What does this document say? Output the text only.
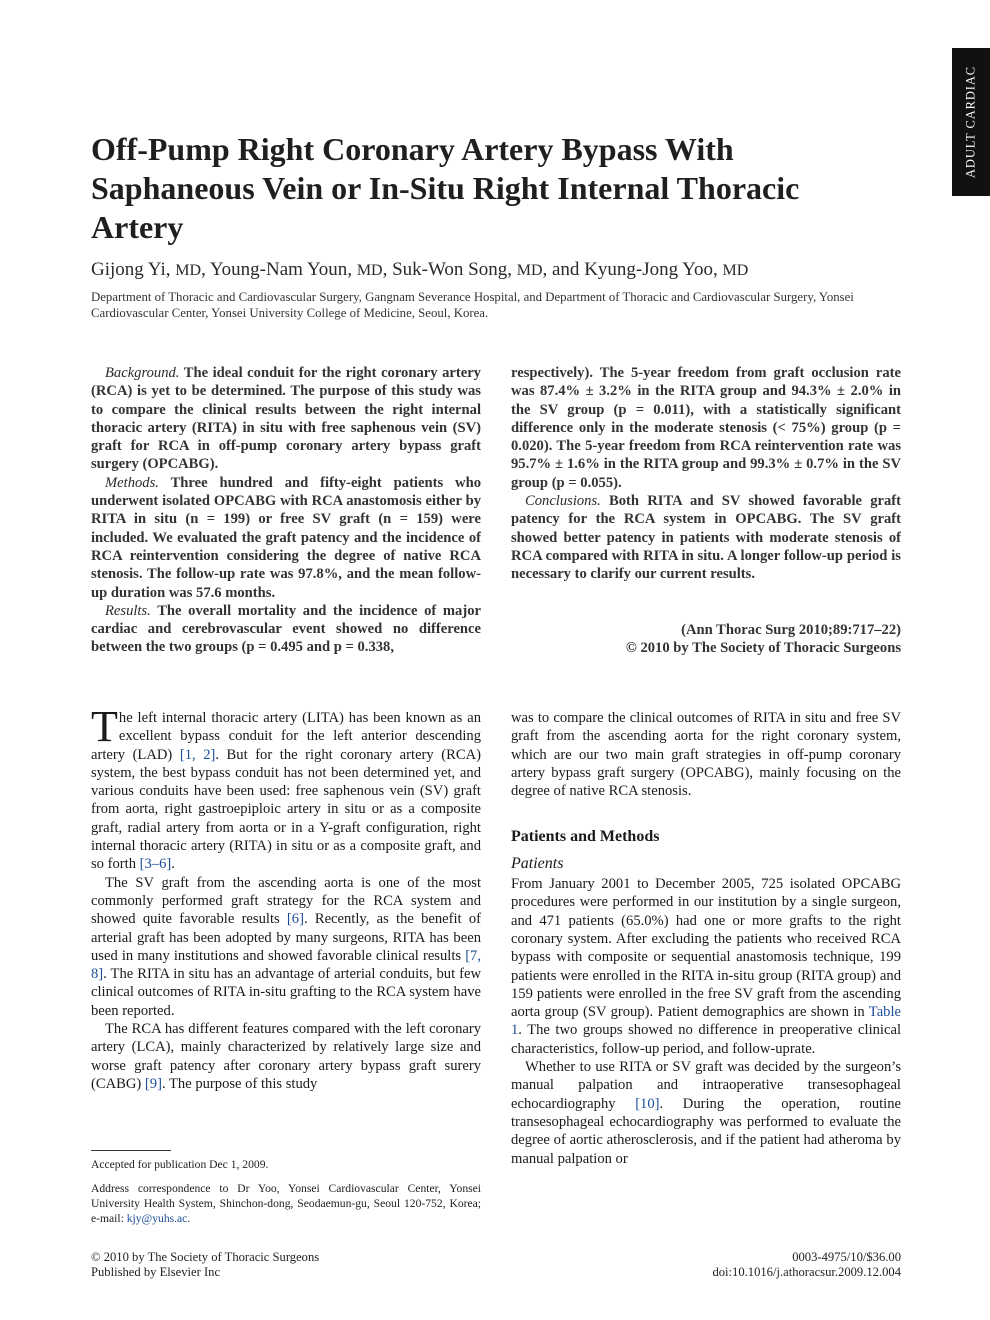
ADULT CARDIAC
Off-Pump Right Coronary Artery Bypass With Saphaneous Vein or In-Situ Right Internal Thoracic Artery
Gijong Yi, MD, Young-Nam Youn, MD, Suk-Won Song, MD, and Kyung-Jong Yoo, MD
Department of Thoracic and Cardiovascular Surgery, Gangnam Severance Hospital, and Department of Thoracic and Cardiovascular Surgery, Yonsei Cardiovascular Center, Yonsei University College of Medicine, Seoul, Korea.

Background. The ideal conduit for the right coronary artery (RCA) is yet to be determined. The purpose of this study was to compare the clinical results between the right internal thoracic artery (RITA) in situ with free saphenous vein (SV) graft for RCA in off-pump coronary artery bypass graft surgery (OPCABG).

Methods. Three hundred and fifty-eight patients who underwent isolated OPCABG with RCA anastomosis either by RITA in situ (n = 199) or free SV graft (n = 159) were included. We evaluated the graft patency and the incidence of RCA reintervention considering the degree of native RCA stenosis. The follow-up rate was 97.8%, and the mean follow-up duration was 57.6 months.

Results. The overall mortality and the incidence of major cardiac and cerebrovascular event showed no difference between the two groups (p = 0.495 and p = 0.338,

respectively). The 5-year freedom from graft occlusion rate was 87.4% ± 3.2% in the RITA group and 94.3% ± 2.0% in the SV group (p = 0.011), with a statistically significant difference only in the moderate stenosis (< 75%) group (p = 0.020). The 5-year freedom from RCA reintervention rate was 95.7% ± 1.6% in the RITA group and 99.3% ± 0.7% in the SV group (p = 0.055).

Conclusions. Both RITA and SV showed favorable graft patency for the RCA system in OPCABG. The SV graft showed better patency in patients with moderate stenosis of RCA compared with RITA in situ. A longer follow-up period is necessary to clarify our current results.

(Ann Thorac Surg 2010;89:717–22)
© 2010 by The Society of Thoracic Surgeons

The left internal thoracic artery (LITA) has been known as an excellent bypass conduit for the left anterior descending artery (LAD) [1, 2]. But for the right coronary artery (RCA) system, the best bypass conduit has not been determined yet, and various conduits have been used: free saphenous vein (SV) graft from aorta, right gastroepiploic artery in situ or as a composite graft, radial artery from aorta or in a Y-graft configuration, right internal thoracic artery (RITA) in situ or as a composite graft, and so forth [3–6].

The SV graft from the ascending aorta is one of the most commonly performed graft strategy for the RCA system and showed quite favorable results [6]. Recently, as the benefit of arterial graft has been adopted by many surgeons, RITA has been used in many institutions and showed favorable clinical results [7, 8]. The RITA in situ has an advantage of arterial conduits, but few clinical outcomes of RITA in-situ grafting to the RCA system have been reported.

The RCA has different features compared with the left coronary artery (LCA), mainly characterized by relatively large size and worse graft patency after coronary artery bypass graft surery (CABG) [9]. The purpose of this study

was to compare the clinical outcomes of RITA in situ and free SV graft from the ascending aorta for the right coronary system, which are our two main graft strategies in off-pump coronary artery bypass graft surgery (OPCABG), mainly focusing on the degree of native RCA stenosis.

Patients and Methods
Patients

From January 2001 to December 2005, 725 isolated OPCABG procedures were performed in our institution by a single surgeon, and 471 patients (65.0%) had one or more grafts to the right coronary system. After excluding the patients who received RCA bypass with composite or sequential anastomosis technique, 199 patients were enrolled in the RITA in-situ group (RITA group) and 159 patients were enrolled in the free SV graft from the ascending aorta group (SV group). Patient demographics are shown in Table 1. The two groups showed no difference in preoperative clinical characteristics, follow-up period, and follow-uprate.

Whether to use RITA or SV graft was decided by the surgeon’s manual palpation and intraoperative transesophageal echocardiography [10]. During the operation, routine transesophageal echocardiography was performed to evaluate the degree of aortic atherosclerosis, and if the patient had atheroma by manual palpation or

Accepted for publication Dec 1, 2009.
Address correspondence to Dr Yoo, Yonsei Cardiovascular Center, Yonsei University Health System, Shinchon-dong, Seodaemun-gu, Seoul 120-752, Korea; e-mail: kjy@yuhs.ac.
© 2010 by The Society of Thoracic Surgeons
Published by Elsevier Inc
0003-4975/10/$36.00
doi:10.1016/j.athoracsur.2009.12.004
